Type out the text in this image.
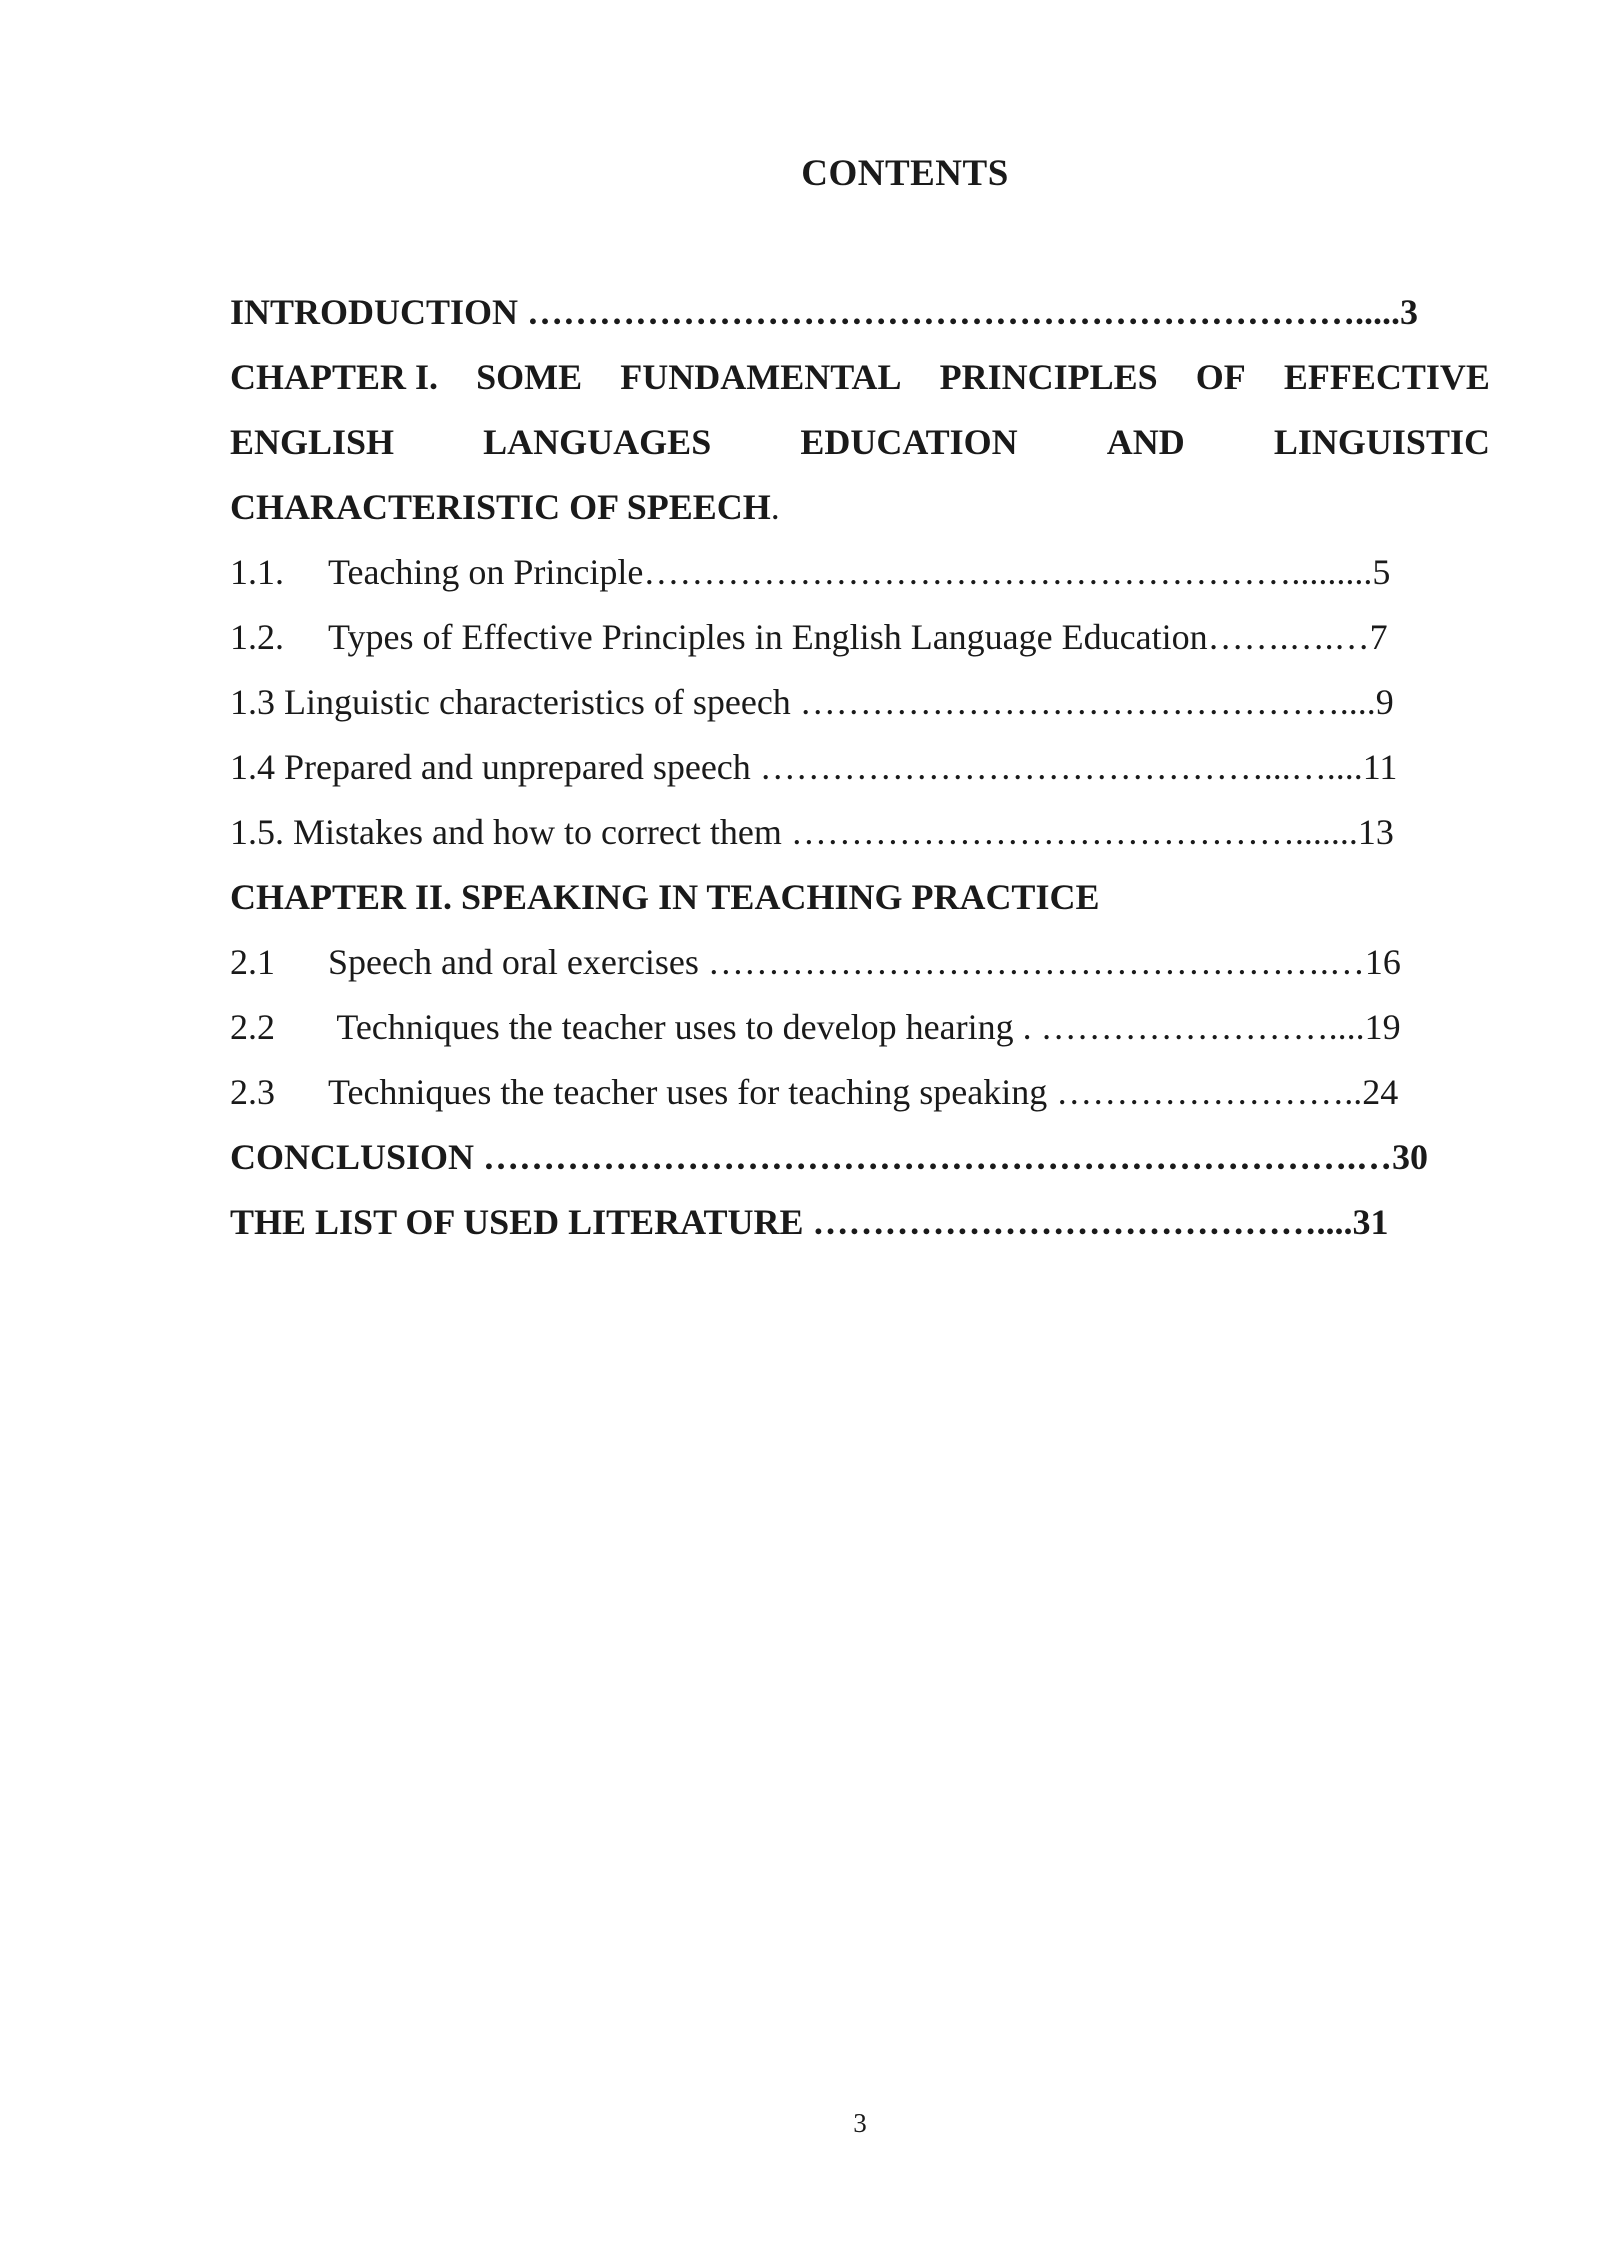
CONTENTS
INTRODUCTION …………………………………………………………….....3
CHAPTER I. SOME FUNDAMENTAL PRINCIPLES OF EFFECTIVE
ENGLISH LANGUAGES EDUCATION AND LINGUISTIC
CHARACTERISTIC OF SPEECH.
1.1. Teaching on Principle……………………………………………….........5
1.2. Types of Effective Principles in English Language Education…….….…7
1.3 Linguistic characteristics of speech ………………………………………....9
1.4 Prepared and unprepared speech ……………………………………...…....11
1.5. Mistakes and how to correct them …………………………………….......13
CHAPTER II. SPEAKING IN TEACHING PRACTICE
2.1 Speech and oral exercises …………………………………………….…16
2.2 Techniques the teacher uses to develop hearing . ……………………....19
2.3 Techniques the teacher uses for teaching speaking ……………………..24
CONCLUSION ……………………………………………………………….…30
THE LIST OF USED LITERATURE ……………………………………....31
3
